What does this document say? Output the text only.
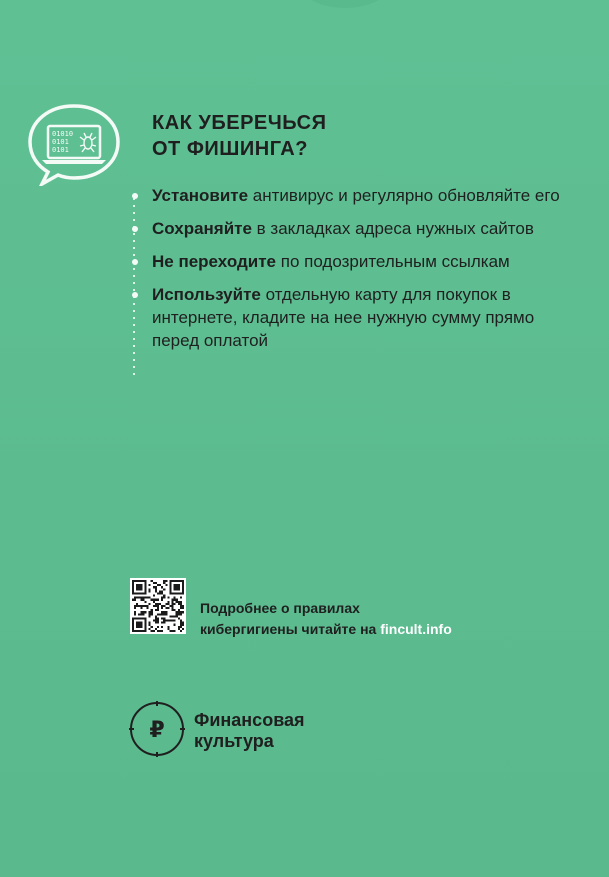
01010
0101
0101
КАК УБЕРЕЧЬСЯ
ОТ ФИШИНГА?
Установите антивирус и регулярно обновляйте его
Сохраняйте в закладках адреса нужных сайтов
Не переходите по подозрительным ссылкам
Используйте отдельную карту для покупок в интернете, кладите на нее нужную сумму прямо перед оплатой
Подробнее о правилах
кибергигиены читайте на fincult.info
₽ Финансовая
культура
